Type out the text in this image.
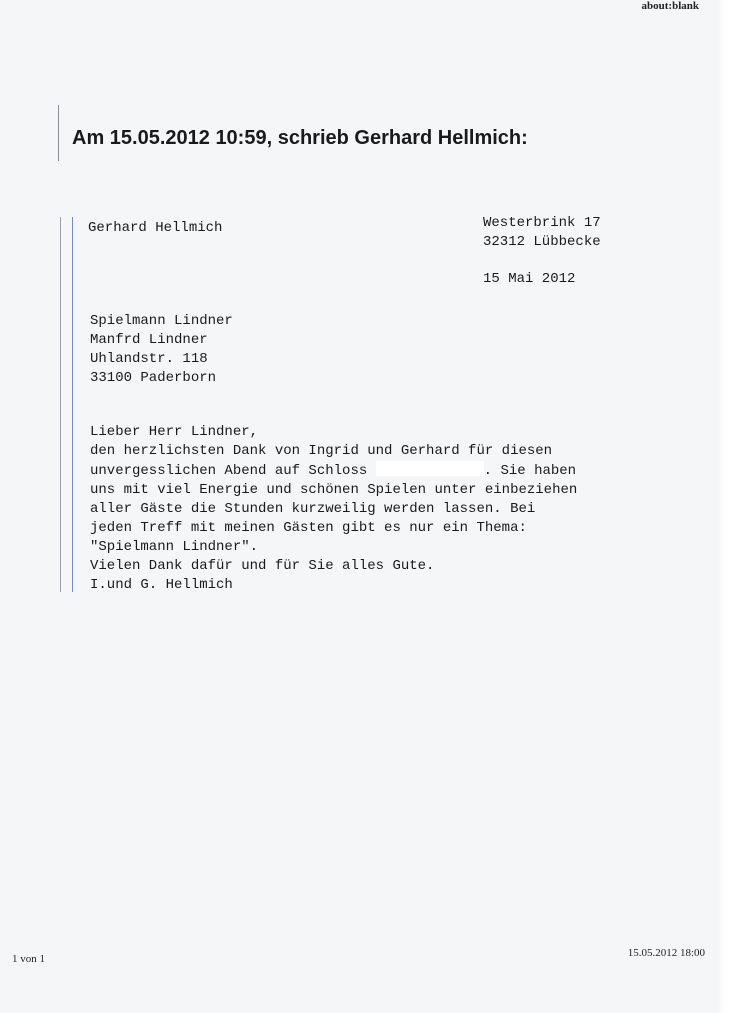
about:blank
Am 15.05.2012 10:59, schrieb Gerhard Hellmich:
Gerhard Hellmich	Westerbrink 17
32312 Lübbecke
15 Mai 2012
Spielmann Lindner
Manfrd Lindner
Uhlandstr. 118
33100 Paderborn
Lieber Herr Lindner,
den herzlichsten Dank von Ingrid und Gerhard für diesen
unvergesslichen Abend auf Schloss	. Sie haben
uns mit viel Energie und schönen Spielen unter einbeziehen
aller Gäste die Stunden kurzweilig werden lassen. Bei
jeden Treff mit meinen Gästen gibt es nur ein Thema:
"Spielmann Lindner".
Vielen Dank dafür und für Sie alles Gute.
I.und G. Hellmich
1 von 1	15.05.2012 18:00
